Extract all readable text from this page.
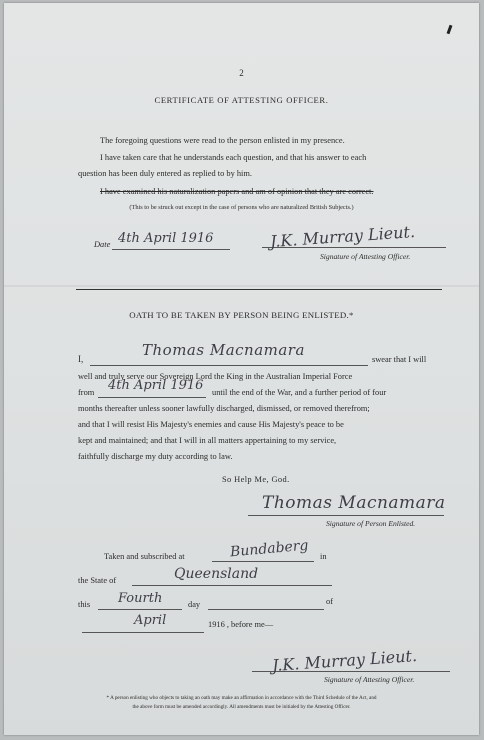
2
CERTIFICATE OF ATTESTING OFFICER.
The foregoing questions were read to the person enlisted in my presence.
I have taken care that he understands each question, and that his answer to each
question has been duly entered as replied to by him.
I have examined his naturalization papers and am of opinion that they are correct.
(This to be struck out except in the case of persons who are naturalized British Subjects.)
Date 4th April 1916	J.K. Murray Lieut.
Signature of Attesting Officer.
OATH TO BE TAKEN BY PERSON BEING ENLISTED.*
I,	Thomas Macnamara
swear that I will
well and truly serve our Sovereign Lord the King in the Australian Imperial Force
from 4th April 1916 until the end of the War, and a further period of four
months thereafter unless sooner lawfully discharged, dismissed, or removed therefrom;
and that I will resist His Majesty's enemies and cause His Majesty's peace to be
kept and maintained; and that I will in all matters appertaining to my service,
faithfully discharge my duty according to law.
So Help Me, God.
Thomas Macnamara
Signature of Person Enlisted.
Taken and subscribed at	Bundaberg in
the State of	Queensland
this Fourth	day	of
April	1916 , before me—
J.K. Murray Lieut.
Signature of Attesting Officer.
* A person enlisting who objects to taking an oath may make an affirmation in accordance with the Third Schedule of the Act, and
the above form must be amended accordingly. All amendments must be initialed by the Attesting Officer.
